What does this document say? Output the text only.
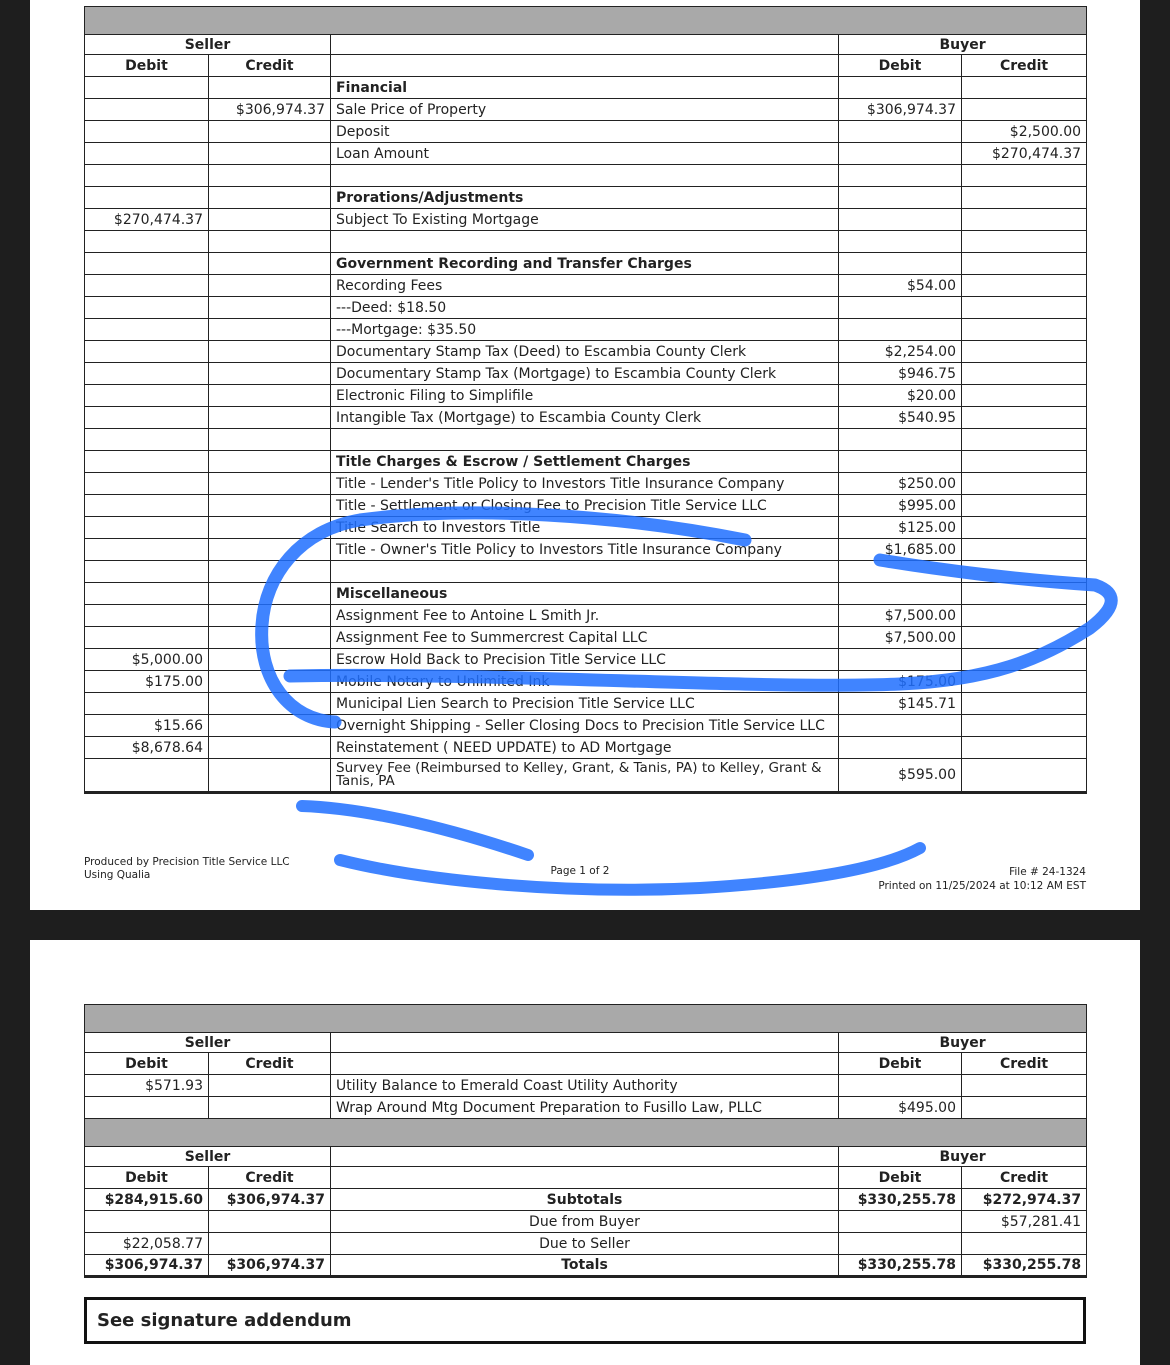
Seller			Buyer	
Debit	Credit		Debit	Credit
		Financial		
	$306,974.37	Sale Price of Property	$306,974.37	
		Deposit		$2,500.00
		Loan Amount		$270,474.37

		Prorations/Adjustments		
$270,474.37		Subject To Existing Mortgage		

		Government Recording and Transfer Charges		
		Recording Fees	$54.00	
		---Deed: $18.50		
		---Mortgage: $35.50		
		Documentary Stamp Tax (Deed) to Escambia County Clerk	$2,254.00	
		Documentary Stamp Tax (Mortgage) to Escambia County Clerk	$946.75	
		Electronic Filing to Simplifile	$20.00	
		Intangible Tax (Mortgage) to Escambia County Clerk	$540.95	

		Title Charges & Escrow / Settlement Charges		
		Title - Lender's Title Policy to Investors Title Insurance Company	$250.00	
		Title - Settlement or Closing Fee to Precision Title Service LLC	$995.00	
		Title Search to Investors Title	$125.00	
		Title - Owner's Title Policy to Investors Title Insurance Company	$1,685.00	

		Miscellaneous		
		Assignment Fee to Antoine L Smith Jr.	$7,500.00	
		Assignment Fee to Summercrest Capital LLC	$7,500.00	
$5,000.00		Escrow Hold Back to Precision Title Service LLC		
$175.00		Mobile Notary to Unlimited Ink	$175.00	
		Municipal Lien Search to Precision Title Service LLC	$145.71	
$15.66		Overnight Shipping - Seller Closing Docs to Precision Title Service LLC		
$8,678.64		Reinstatement ( NEED UPDATE) to AD Mortgage		
		Survey Fee (Reimbursed to Kelley, Grant, & Tanis, PA) to Kelley, Grant & Tanis, PA	$595.00	
Produced by Precision Title Service LLC
Using Qualia	Page 1 of 2	File # 24-1324
Printed on 11/25/2024 at 10:12 AM EST

Seller			Buyer	
Debit	Credit		Debit	Credit
$571.93		Utility Balance to Emerald Coast Utility Authority		
		Wrap Around Mtg Document Preparation to Fusillo Law, PLLC	$495.00	

Seller			Buyer	
Debit	Credit		Debit	Credit
$284,915.60	$306,974.37	Subtotals	$330,255.78	$272,974.37
		Due from Buyer		$57,281.41
$22,058.77		Due to Seller		
$306,974.37	$306,974.37	Totals	$330,255.78	$330,255.78
See signature addendum
